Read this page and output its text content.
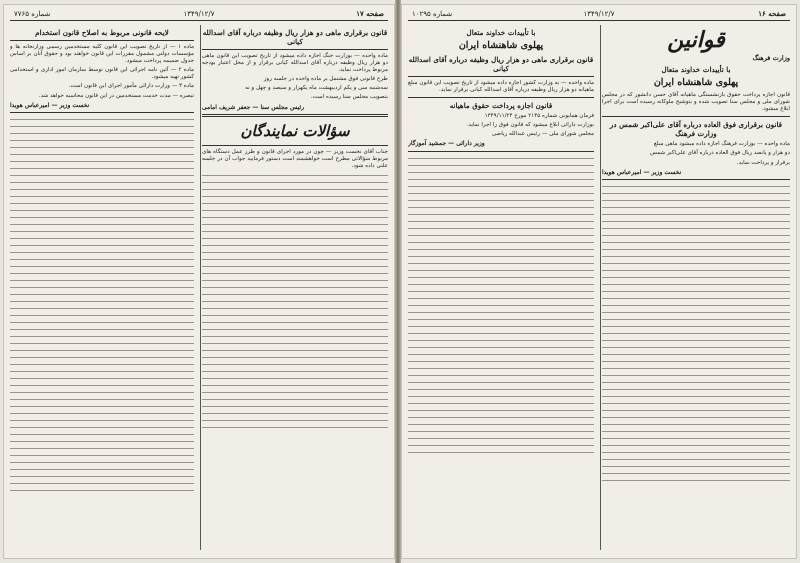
صفحه ۱۷
۱۳۴۹/۱۲/۷
شماره ۷۷۶۵
قانون برقراری ماهی دو هزار ریال وظیفه درباره آقای اسدالله کیانی

ماده واحده — بوزارت جنگ اجازه داده میشود از تاریخ تصویب این قانون ماهی دو هزار ریال وظیفه درباره آقای اسدالله کیانی برقرار و از محل اعتبار بودجه مربوط پرداخت نماید.

طرح قانونی فوق مشتمل بر ماده واحده در جلسه روز

سه‌شنبه سی و یکم اردیبهشت ماه یکهزار و سیصد و چهل و نه

بتصویب مجلس سنا رسیده است.

رئیس مجلس سنا — جعفر شریف امامی
سؤالات نمایندگان

جناب آقای نخست وزیر — چون در مورد اجرای قانون و طرز عمل دستگاه های مربوط سؤالاتی مطرح است خواهشمند است دستور فرمایید جواب آن در جلسه علنی داده شود.

لایحه قانونی مربوط به اصلاح قانون استخدام

ماده ۱ — از تاریخ تصویب این قانون کلیه مستخدمین رسمی وزارتخانه ها و مؤسسات دولتی مشمول مقررات این قانون خواهند بود و حقوق آنان بر اساس جدول ضمیمه پرداخت میشود.

ماده ۲ — آئین نامه اجرائی این قانون توسط سازمان امور اداری و استخدامی کشور تهیه میشود.

ماده ۳ — وزارت دارائی مأمور اجرای این قانون است.

تبصره — مدت خدمت مستخدمین در این قانون محاسبه خواهد شد.

نخست وزیر — امیرعباس هویدا
صفحه ۱۶
۱۳۴۹/۱۲/۷
شماره ۱۰۲۹۵
قوانین
وزارت فرهنگ
با تأییدات خداوند متعال
پهلوی شاهنشاه ایران

قانون اجازه پرداخت حقوق بازنشستگی ماهیانه آقای حسن دانشور که در مجلس شورای ملی و مجلس سنا تصویب شده و بتوشیح ملوکانه رسیده است برای اجرا ابلاغ میشود.

قانون برقراری فوق العاده درباره آقای علی‌اکبر شمس در وزارت فرهنگ

ماده واحده — بوزارت فرهنگ اجازه داده میشود ماهی مبلغ

دو هزار و پانصد ریال فوق العاده درباره آقای علی‌اکبر شمس

برقرار و پرداخت نماید.

نخست وزیر — امیرعباس هویدا
با تأییدات خداوند متعال
پهلوی شاهنشاه ایران
قانون برقراری ماهی دو هزار ریال وظیفه درباره آقای اسدالله کیانی

ماده واحده — به وزارت کشور اجازه داده میشود از تاریخ تصویب این قانون مبلغ ماهیانه دو هزار ریال وظیفه درباره آقای اسدالله کیانی برقرار نماید.

قانون اجازه پرداخت حقوق ماهیانه

فرمان همایونی شماره ۲۱۴۵ مورخ ۱۳۴۹/۱۱/۲۴

بوزارت دارائی ابلاغ میشود که قانون فوق را اجرا نماید.

مجلس شورای ملی — رئیس عبدالله ریاضی

وزیر دارائی — جمشید آموزگار
